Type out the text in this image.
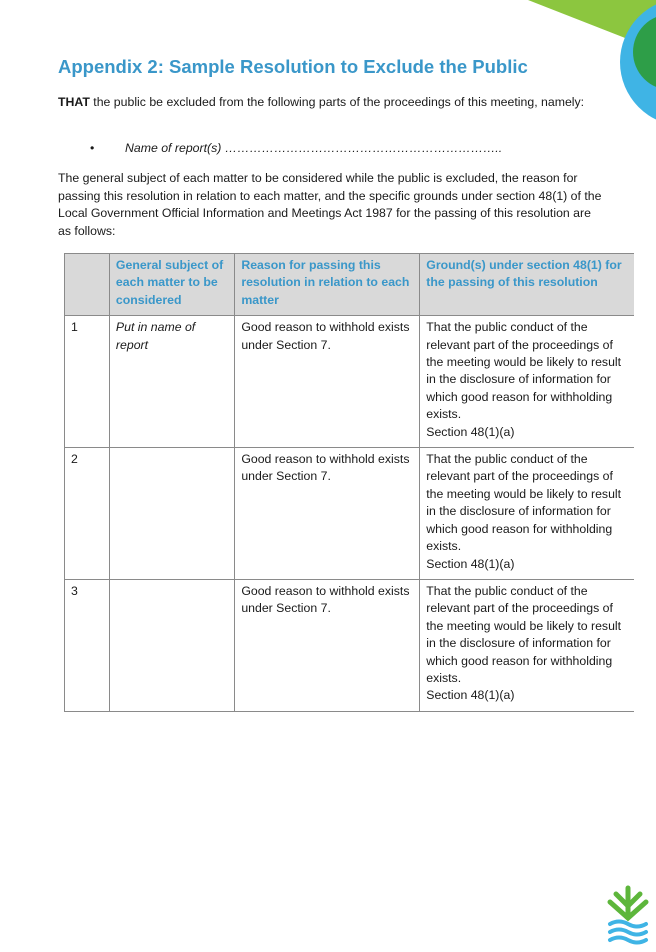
Appendix 2: Sample Resolution to Exclude the Public
THAT the public be excluded from the following parts of the proceedings of this meeting, namely:
• Name of report(s) …………………………………………………………..
The general subject of each matter to be considered while the public is excluded, the reason for passing this resolution in relation to each matter, and the specific grounds under section 48(1) of the Local Government Official Information and Meetings Act 1987 for the passing of this resolution are as follows:
	General subject of each matter to be considered	Reason for passing this resolution in relation to each matter	Ground(s) under section 48(1) for the passing of this resolution
1	Put in name of report	Good reason to withhold exists under Section 7.	That the public conduct of the relevant part of the proceedings of the meeting would be likely to result in the disclosure of information for which good reason for withholding exists.
Section 48(1)(a)
2		Good reason to withhold exists under Section 7.	That the public conduct of the relevant part of the proceedings of the meeting would be likely to result in the disclosure of information for which good reason for withholding exists.
Section 48(1)(a)
3		Good reason to withhold exists under Section 7.	That the public conduct of the relevant part of the proceedings of the meeting would be likely to result in the disclosure of information for which good reason for withholding exists.
Section 48(1)(a)
